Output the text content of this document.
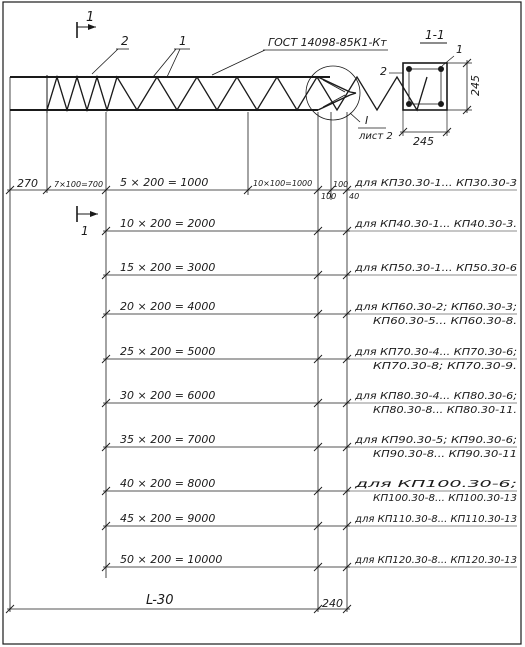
1
2	1	ГОСТ 14098-85К1-Кт
I
лист 2
1-1
1
2
245
245
270 7×100=700	100
100 40
1
5 × 200 = 1000	10×100=1000	для КП30.30-1... КП30.30-3
10 × 200 = 2000	для КП40.30-1... КП40.30-3.
15 × 200 = 3000	для КП50.30-1... КП50.30-6
20 × 200 = 4000	для КП60.30-2; КП60.30-3;
КП60.30-5... КП60.30-8.
25 × 200 = 5000	для КП70.30-4... КП70.30-6;
КП70.30-8; КП70.30-9.
30 × 200 = 6000	для КП80.30-4... КП80.30-6;
КП80.30-8... КП80.30-11.
35 × 200 = 7000	для КП90.30-5; КП90.30-6;
КП90.30-8... КП90.30-11
40 × 200 = 8000	для КП100.30-6;
КП100.30-8... КП100.30-13
45 × 200 = 9000	для КП110.30-8... КП110.30-13
50 × 200 = 10000	для КП120.30-8... КП120.30-13
L-30	240
